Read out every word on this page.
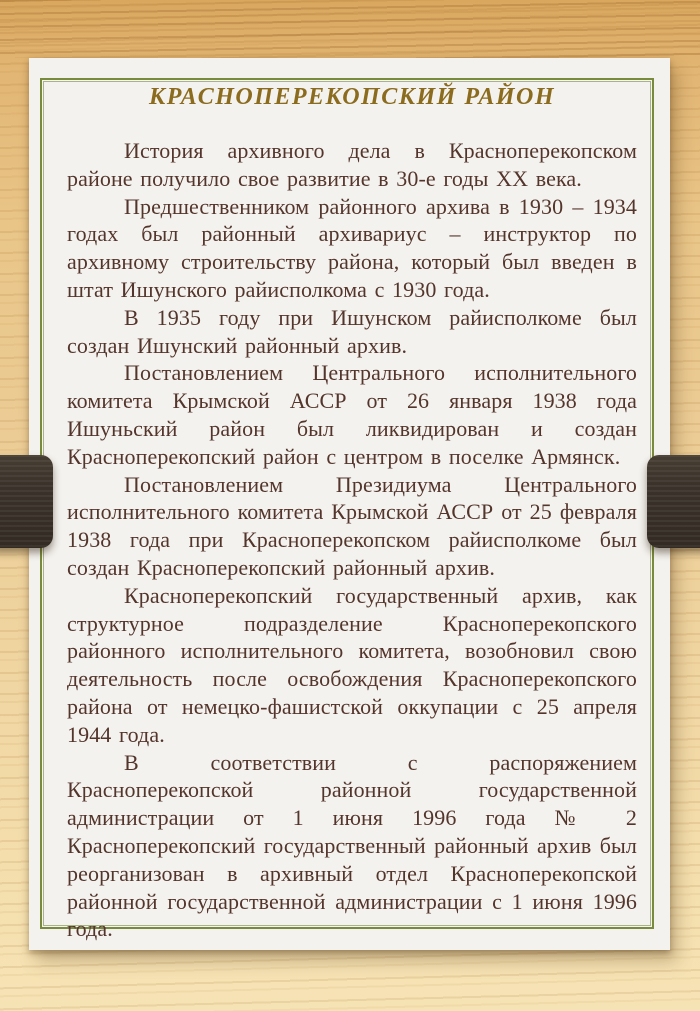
КРАСНОПЕРЕКОПСКИЙ РАЙОН

История архивного дела в Красноперекопском районе получило свое развитие в 30-е годы ХХ века.

Предшественником районного архива в 1930 – 1934 годах был районный архивариус – инструктор по архивному строительству района, который был введен в штат Ишунского райисполкома с 1930 года.

В 1935 году при Ишунском райисполкоме был создан Ишунский районный архив.

Постановлением Центрального исполнительного комитета Крымской АССР от 26 января 1938 года Ишуньский район был ликвидирован и создан Красноперекопский район с центром в поселке Армянск.

Постановлением Президиума Центрального исполнительного комитета Крымской АССР от 25 февраля 1938 года при Красноперекопском райисполкоме был создан Красноперекопский районный архив.

Красноперекопский государственный архив, как структурное подразделение Красноперекопского районного исполнительного комитета, возобновил свою деятельность после освобождения Красноперекопского района от немецко-фашистской оккупации с 25 апреля 1944 года.

В соответствии с распоряжением Красноперекопской районной государственной администрации от 1 июня 1996 года № 2 Красноперекопский государственный районный архив был реорганизован в архивный отдел Красноперекопской районной государственной администрации с 1 июня 1996 года.
